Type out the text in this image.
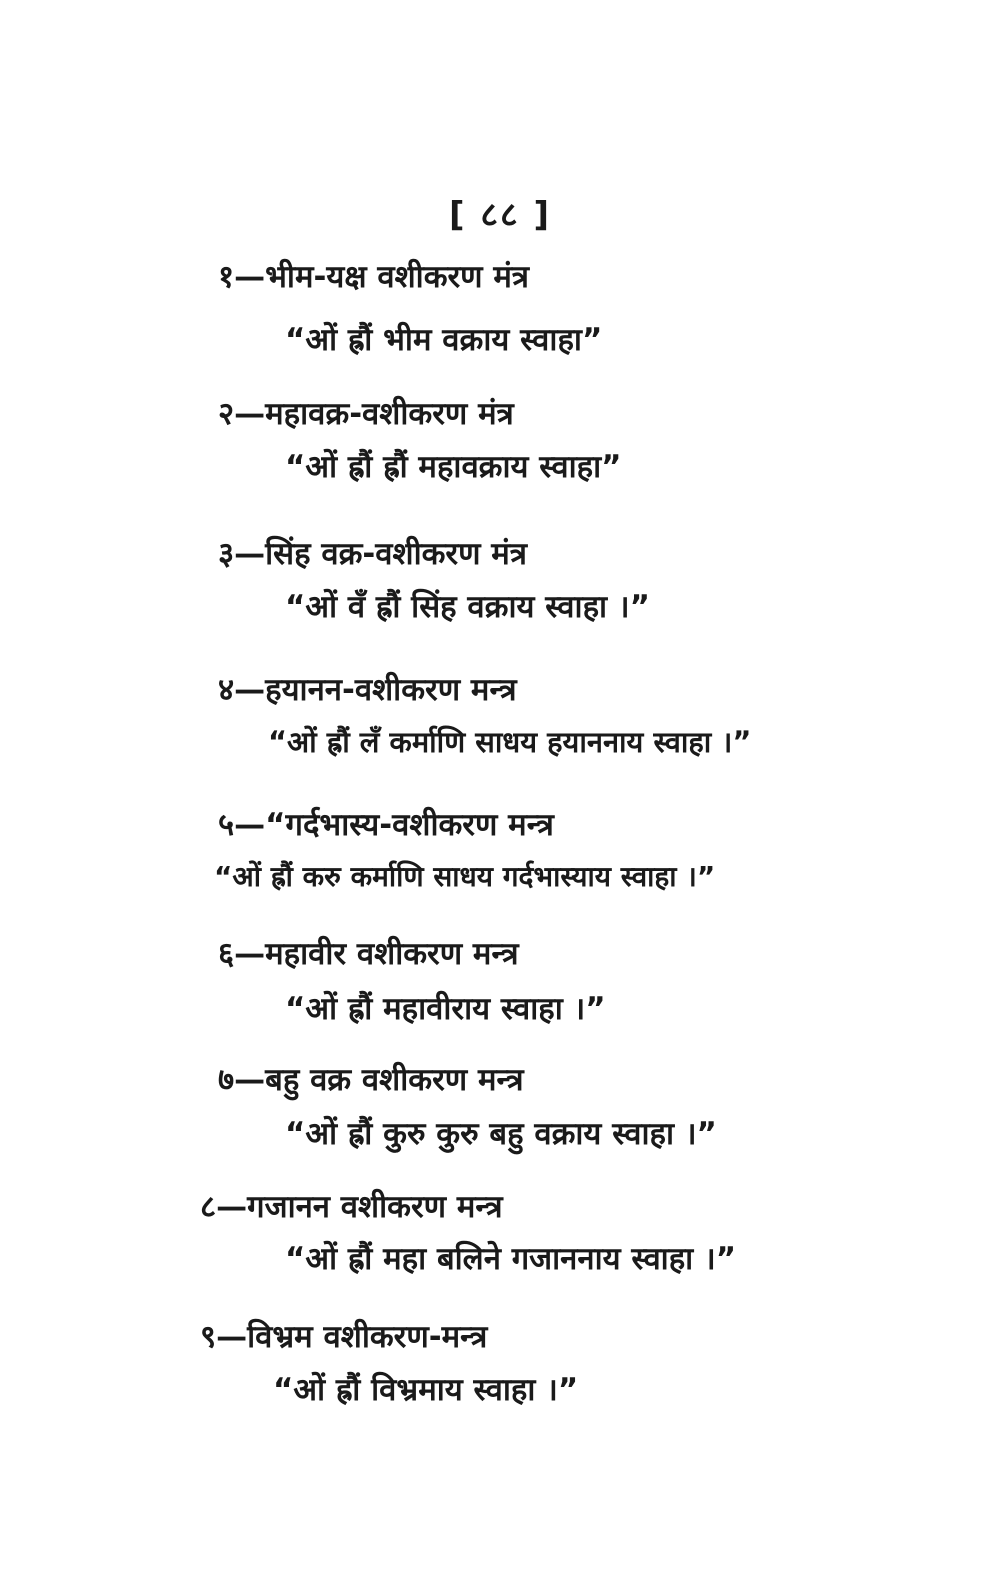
[ ८८ ]
१—भीम-यक्ष वशीकरण मंत्र
“ओं ह्रौं भीम वक्राय स्वाहा”
२—महावक्र-वशीकरण मंत्र
“ओं ह्रौं ह्रौं महावक्राय स्वाहा”
३—सिंह वक्र-वशीकरण मंत्र
“ओं वँ ह्रौं सिंह वक्राय स्वाहा ।”
४—हयानन-वशीकरण मन्त्र
“ओं ह्रौं लँ कर्माणि साधय हयाननाय स्वाहा ।”
५—“गर्दभास्य-वशीकरण मन्त्र
“ओं ह्रौं करु कर्माणि साधय गर्दभास्याय स्वाहा ।”
६—महावीर वशीकरण मन्त्र
“ओं ह्रौं महावीराय स्वाहा ।”
७—बहु वक्र वशीकरण मन्त्र
“ओं ह्रौं कुरु कुरु बहु वक्राय स्वाहा ।”
८—गजानन वशीकरण मन्त्र
“ओं ह्रौं महा बलिने गजाननाय स्वाहा ।”
९—विभ्रम वशीकरण-मन्त्र
“ओं ह्रौं विभ्रमाय स्वाहा ।”
